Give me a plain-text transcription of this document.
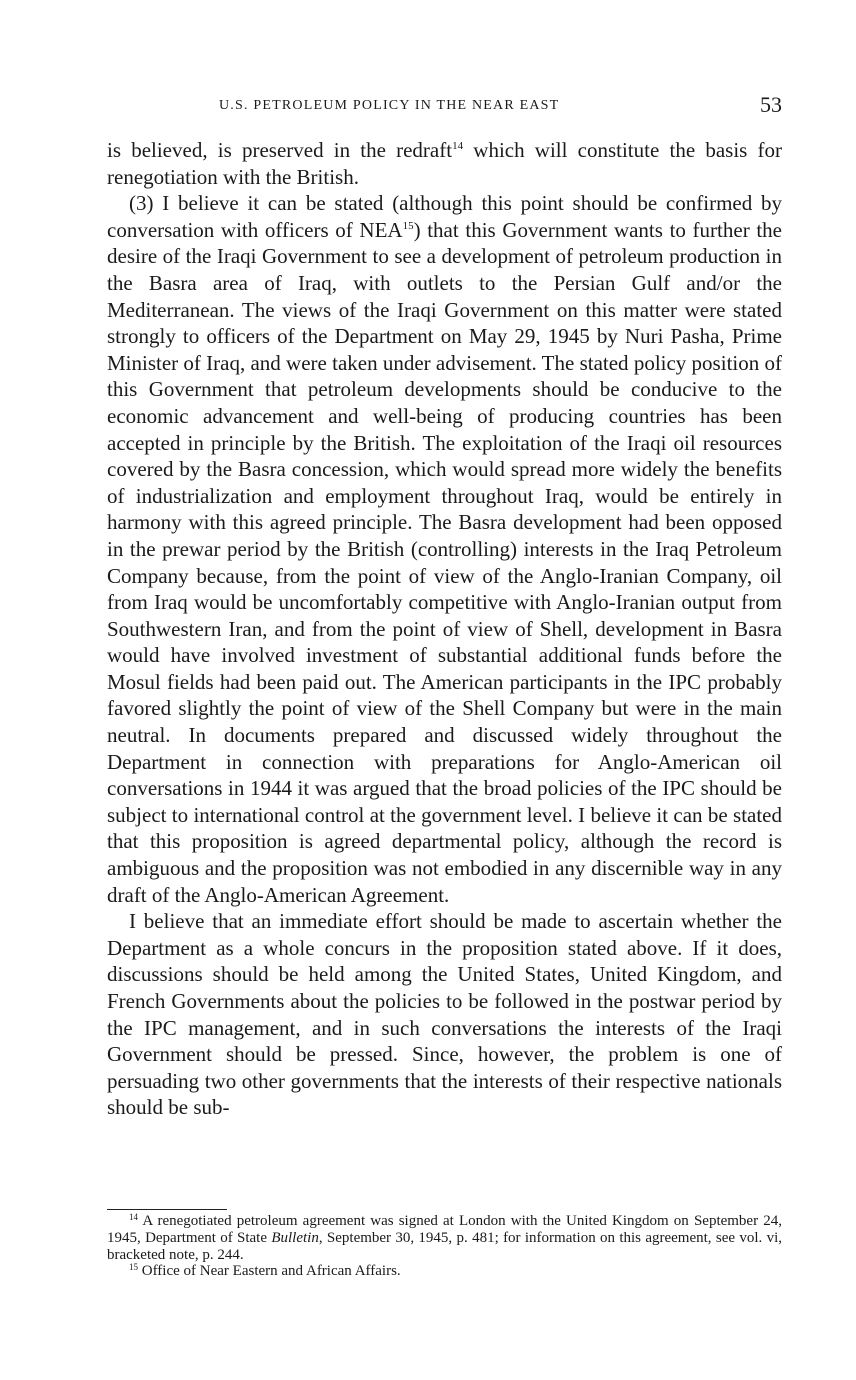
U.S. PETROLEUM POLICY IN THE NEAR EAST	53

is believed, is preserved in the redraft$^{14}$ which will constitute the basis for renegotiation with the British.

(3) I believe it can be stated (although this point should be confirmed by conversation with officers of NEA$^{15}$) that this Government wants to further the desire of the Iraqi Government to see a development of petroleum production in the Basra area of Iraq, with outlets to the Persian Gulf and/or the Mediterranean. The views of the Iraqi Government on this matter were stated strongly to officers of the Department on May 29, 1945 by Nuri Pasha, Prime Minister of Iraq, and were taken under advisement. The stated policy position of this Government that petroleum developments should be conducive to the economic advancement and well-being of producing countries has been accepted in principle by the British. The exploitation of the Iraqi oil resources covered by the Basra concession, which would spread more widely the benefits of industrialization and employment throughout Iraq, would be entirely in harmony with this agreed principle. The Basra development had been opposed in the prewar period by the British (controlling) interests in the Iraq Petroleum Company because, from the point of view of the Anglo-Iranian Company, oil from Iraq would be uncomfortably competitive with Anglo-Iranian output from Southwestern Iran, and from the point of view of Shell, development in Basra would have involved investment of substantial additional funds before the Mosul fields had been paid out. The American participants in the IPC probably favored slightly the point of view of the Shell Company but were in the main neutral. In documents prepared and discussed widely throughout the Department in connection with preparations for Anglo-American oil conversations in 1944 it was argued that the broad policies of the IPC should be subject to international control at the government level. I believe it can be stated that this proposition is agreed departmental policy, although the record is ambiguous and the proposition was not embodied in any discernible way in any draft of the Anglo-American Agreement.

I believe that an immediate effort should be made to ascertain whether the Department as a whole concurs in the proposition stated above. If it does, discussions should be held among the United States, United Kingdom, and French Governments about the policies to be followed in the postwar period by the IPC management, and in such conversations the interests of the Iraqi Government should be pressed. Since, however, the problem is one of persuading two other governments that the interests of their respective nationals should be sub-

$^{14}$ A renegotiated petroleum agreement was signed at London with the United Kingdom on September 24, 1945, Department of State Bulletin, September 30, 1945, p. 481; for information on this agreement, see vol. vi, bracketed note, p. 244.

$^{15}$ Office of Near Eastern and African Affairs.
